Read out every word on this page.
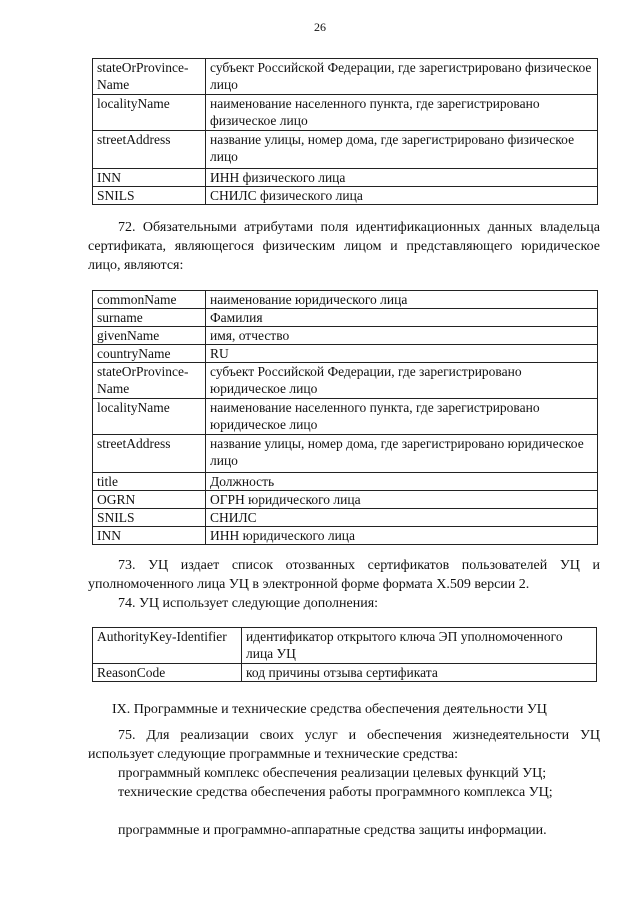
26
stateOrProvince-Name	субъект Российской Федерации, где зарегистрировано физическое лицо
localityName	наименование населенного пункта, где зарегистрировано физическое лицо
streetAddress	название улицы, номер дома, где зарегистрировано физическое лицо
INN	ИНН физического лица
SNILS	СНИЛС физического лица

72. Обязательными атрибутами поля идентификационных данных владельца сертификата, являющегося физическим лицом и представляющего юридическое лицо, являются:

commonName	наименование юридического лица
surname	Фамилия
givenName	имя, отчество
countryName	RU
stateOrProvince-Name	субъект Российской Федерации, где зарегистрировано юридическое лицо
localityName	наименование населенного пункта, где зарегистрировано юридическое лицо
streetAddress	название улицы, номер дома, где зарегистрировано юридическое лицо
title	Должность
OGRN	ОГРН юридического лица
SNILS	СНИЛС
INN	ИНН юридического лица

73. УЦ издает список отозванных сертификатов пользователей УЦ и уполномоченного лица УЦ в электронной форме формата Х.509 версии 2.

74. УЦ использует следующие дополнения:

AuthorityKey-Identifier	идентификатор открытого ключа ЭП уполномоченного лица УЦ
ReasonCode	код причины отзыва сертификата
IX. Программные и технические средства обеспечения деятельности УЦ

75. Для реализации своих услуг и обеспечения жизнедеятельности УЦ использует следующие программные и технические средства:

программный комплекс обеспечения реализации целевых функций УЦ;

технические средства обеспечения работы программного комплекса УЦ;

программные и программно-аппаратные средства защиты информации.
